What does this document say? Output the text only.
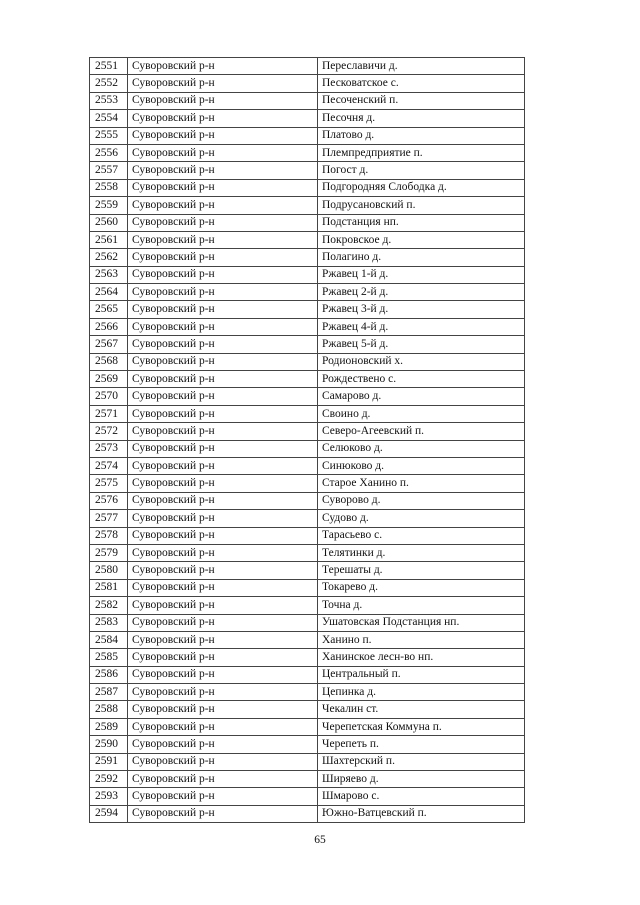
2551	Суворовский р-н	Переславичи д.
2552	Суворовский р-н	Песковатское с.
2553	Суворовский р-н	Песоченский п.
2554	Суворовский р-н	Песочня д.
2555	Суворовский р-н	Платово д.
2556	Суворовский р-н	Племпредприятие п.
2557	Суворовский р-н	Погост д.
2558	Суворовский р-н	Подгородняя Слободка д.
2559	Суворовский р-н	Подрусановский п.
2560	Суворовский р-н	Подстанция нп.
2561	Суворовский р-н	Покровское д.
2562	Суворовский р-н	Полагино д.
2563	Суворовский р-н	Ржавец 1-й д.
2564	Суворовский р-н	Ржавец 2-й д.
2565	Суворовский р-н	Ржавец 3-й д.
2566	Суворовский р-н	Ржавец 4-й д.
2567	Суворовский р-н	Ржавец 5-й д.
2568	Суворовский р-н	Родионовский х.
2569	Суворовский р-н	Рождествено с.
2570	Суворовский р-н	Самарово д.
2571	Суворовский р-н	Своино д.
2572	Суворовский р-н	Северо-Агеевский п.
2573	Суворовский р-н	Селюково д.
2574	Суворовский р-н	Синюково д.
2575	Суворовский р-н	Старое Ханино п.
2576	Суворовский р-н	Суворово д.
2577	Суворовский р-н	Судово д.
2578	Суворовский р-н	Тарасьево с.
2579	Суворовский р-н	Телятинки д.
2580	Суворовский р-н	Терешаты д.
2581	Суворовский р-н	Токарево д.
2582	Суворовский р-н	Точна д.
2583	Суворовский р-н	Ушатовская Подстанция нп.
2584	Суворовский р-н	Ханино п.
2585	Суворовский р-н	Ханинское лесн-во нп.
2586	Суворовский р-н	Центральный п.
2587	Суворовский р-н	Цепинка д.
2588	Суворовский р-н	Чекалин ст.
2589	Суворовский р-н	Черепетская Коммуна п.
2590	Суворовский р-н	Черепеть п.
2591	Суворовский р-н	Шахтерский п.
2592	Суворовский р-н	Ширяево д.
2593	Суворовский р-н	Шмарово с.
2594	Суворовский р-н	Южно-Ватцевский п.
65
